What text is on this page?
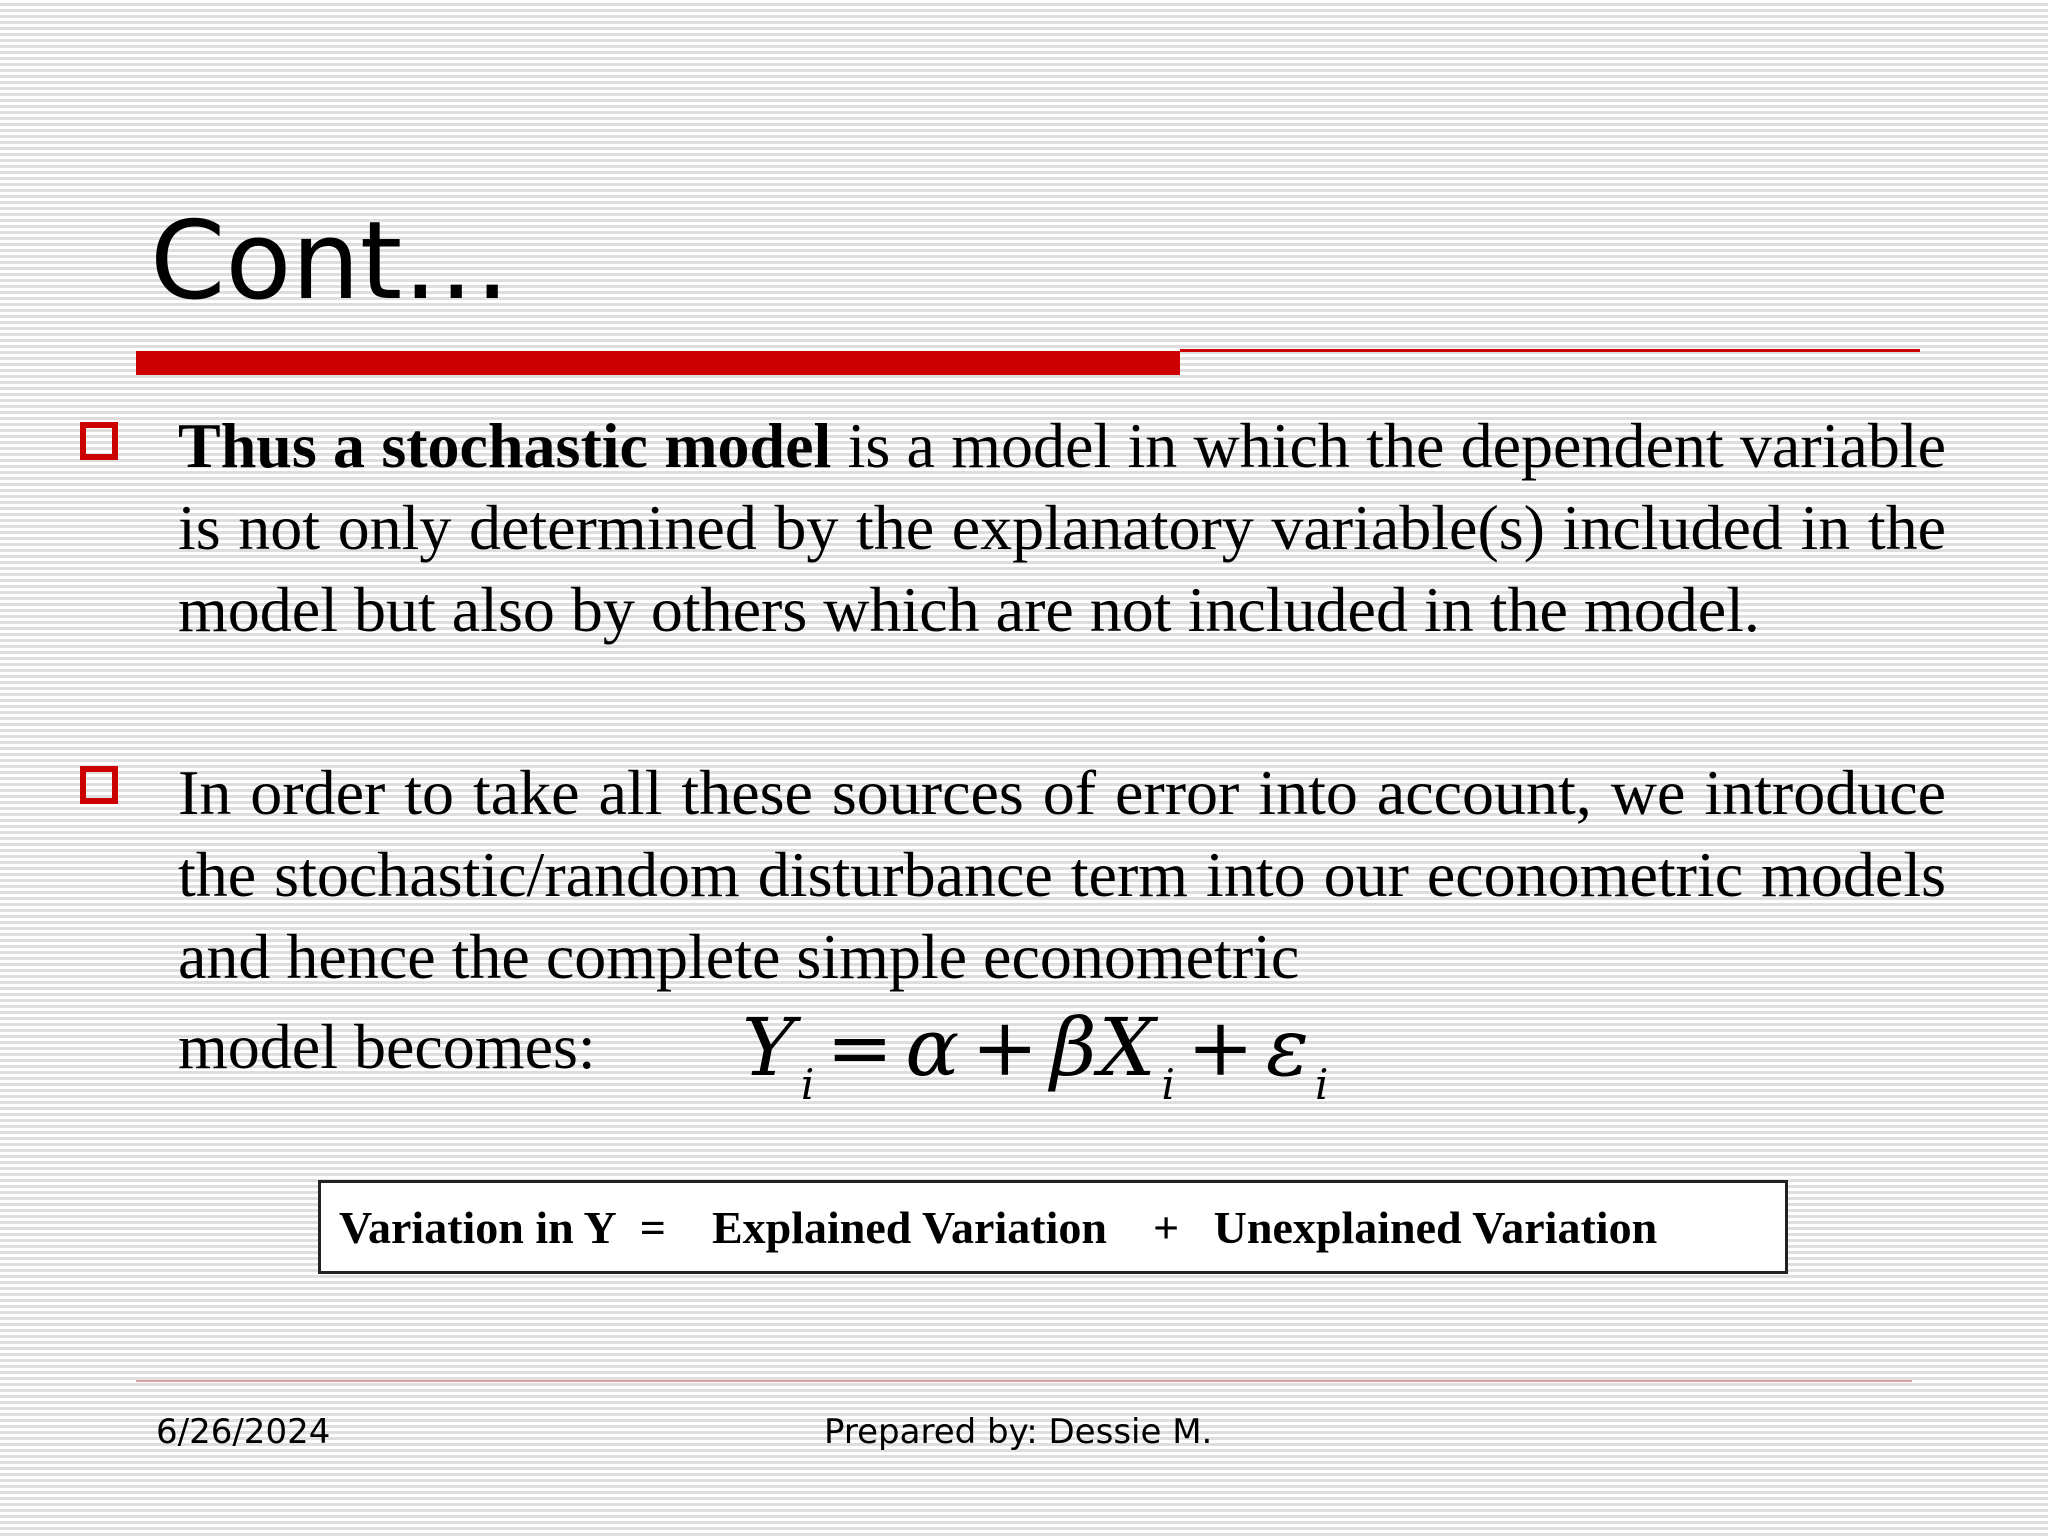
Cont…

Thus a stochastic model is a model in which the dependent variable is not only determined by the explanatory variable(s) included in the model but also by others which are not included in the model.

In order to take all these sources of error into account, we introduce the stochastic/random disturbance term into our econometric models and hence the complete simple econometric

model becomes: $Y_i = \alpha + \beta X_i + \varepsilon_i$
Variation in Y
=
Explained Variation
+
Unexplained Variation
6/26/2024	Prepared by: Dessie M.
